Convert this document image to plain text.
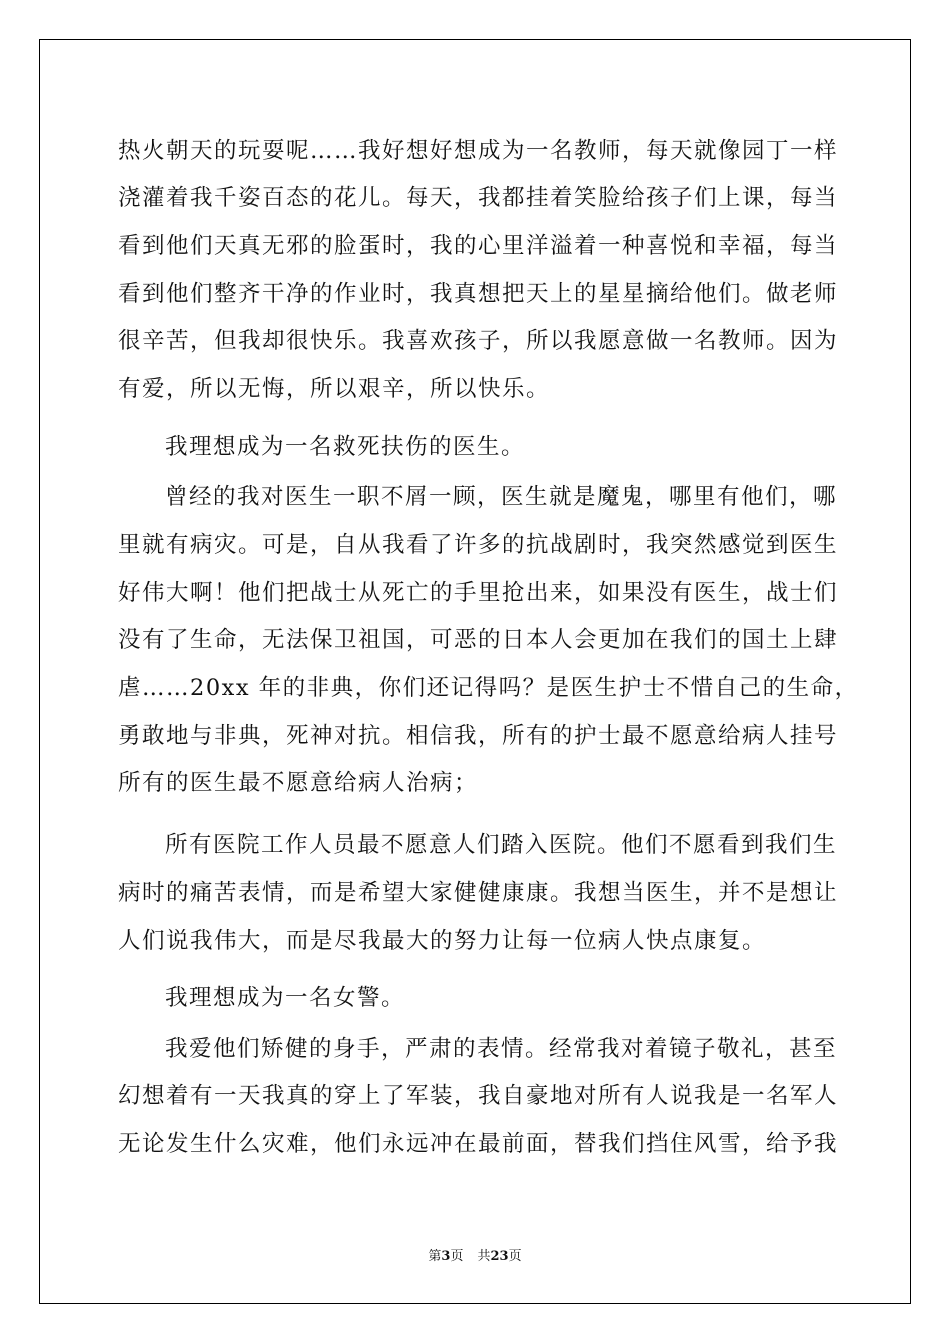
热火朝天的玩耍呢……我好想好想成为一名教师，每天就像园丁一样
浇灌着我千姿百态的花儿。每天，我都挂着笑脸给孩子们上课，每当
看到他们天真无邪的脸蛋时，我的心里洋溢着一种喜悦和幸福，每当
看到他们整齐干净的作业时，我真想把天上的星星摘给他们。做老师
很辛苦，但我却很快乐。我喜欢孩子，所以我愿意做一名教师。因为
有爱，所以无悔，所以艰辛，所以快乐。
我理想成为一名救死扶伤的医生。
曾经的我对医生一职不屑一顾，医生就是魔鬼，哪里有他们，哪
里就有病灾。可是，自从我看了许多的抗战剧时，我突然感觉到医生
好伟大啊！他们把战士从死亡的手里抢出来，如果没有医生，战士们
没有了生命，无法保卫祖国，可恶的日本人会更加在我们的国土上肆
虐……20xx 年的非典，你们还记得吗？是医生护士不惜自己的生命，
勇敢地与非典，死神对抗。相信我，所有的护士最不愿意给病人挂号
所有的医生最不愿意给病人治病；
所有医院工作人员最不愿意人们踏入医院。他们不愿看到我们生
病时的痛苦表情，而是希望大家健健康康。我想当医生，并不是想让
人们说我伟大，而是尽我最大的努力让每一位病人快点康复。
我理想成为一名女警。
我爱他们矫健的身手，严肃的表情。经常我对着镜子敬礼，甚至
幻想着有一天我真的穿上了军装，我自豪地对所有人说我是一名军人
无论发生什么灾难，他们永远冲在最前面，替我们挡住风雪，给予我
第3页 共23页
